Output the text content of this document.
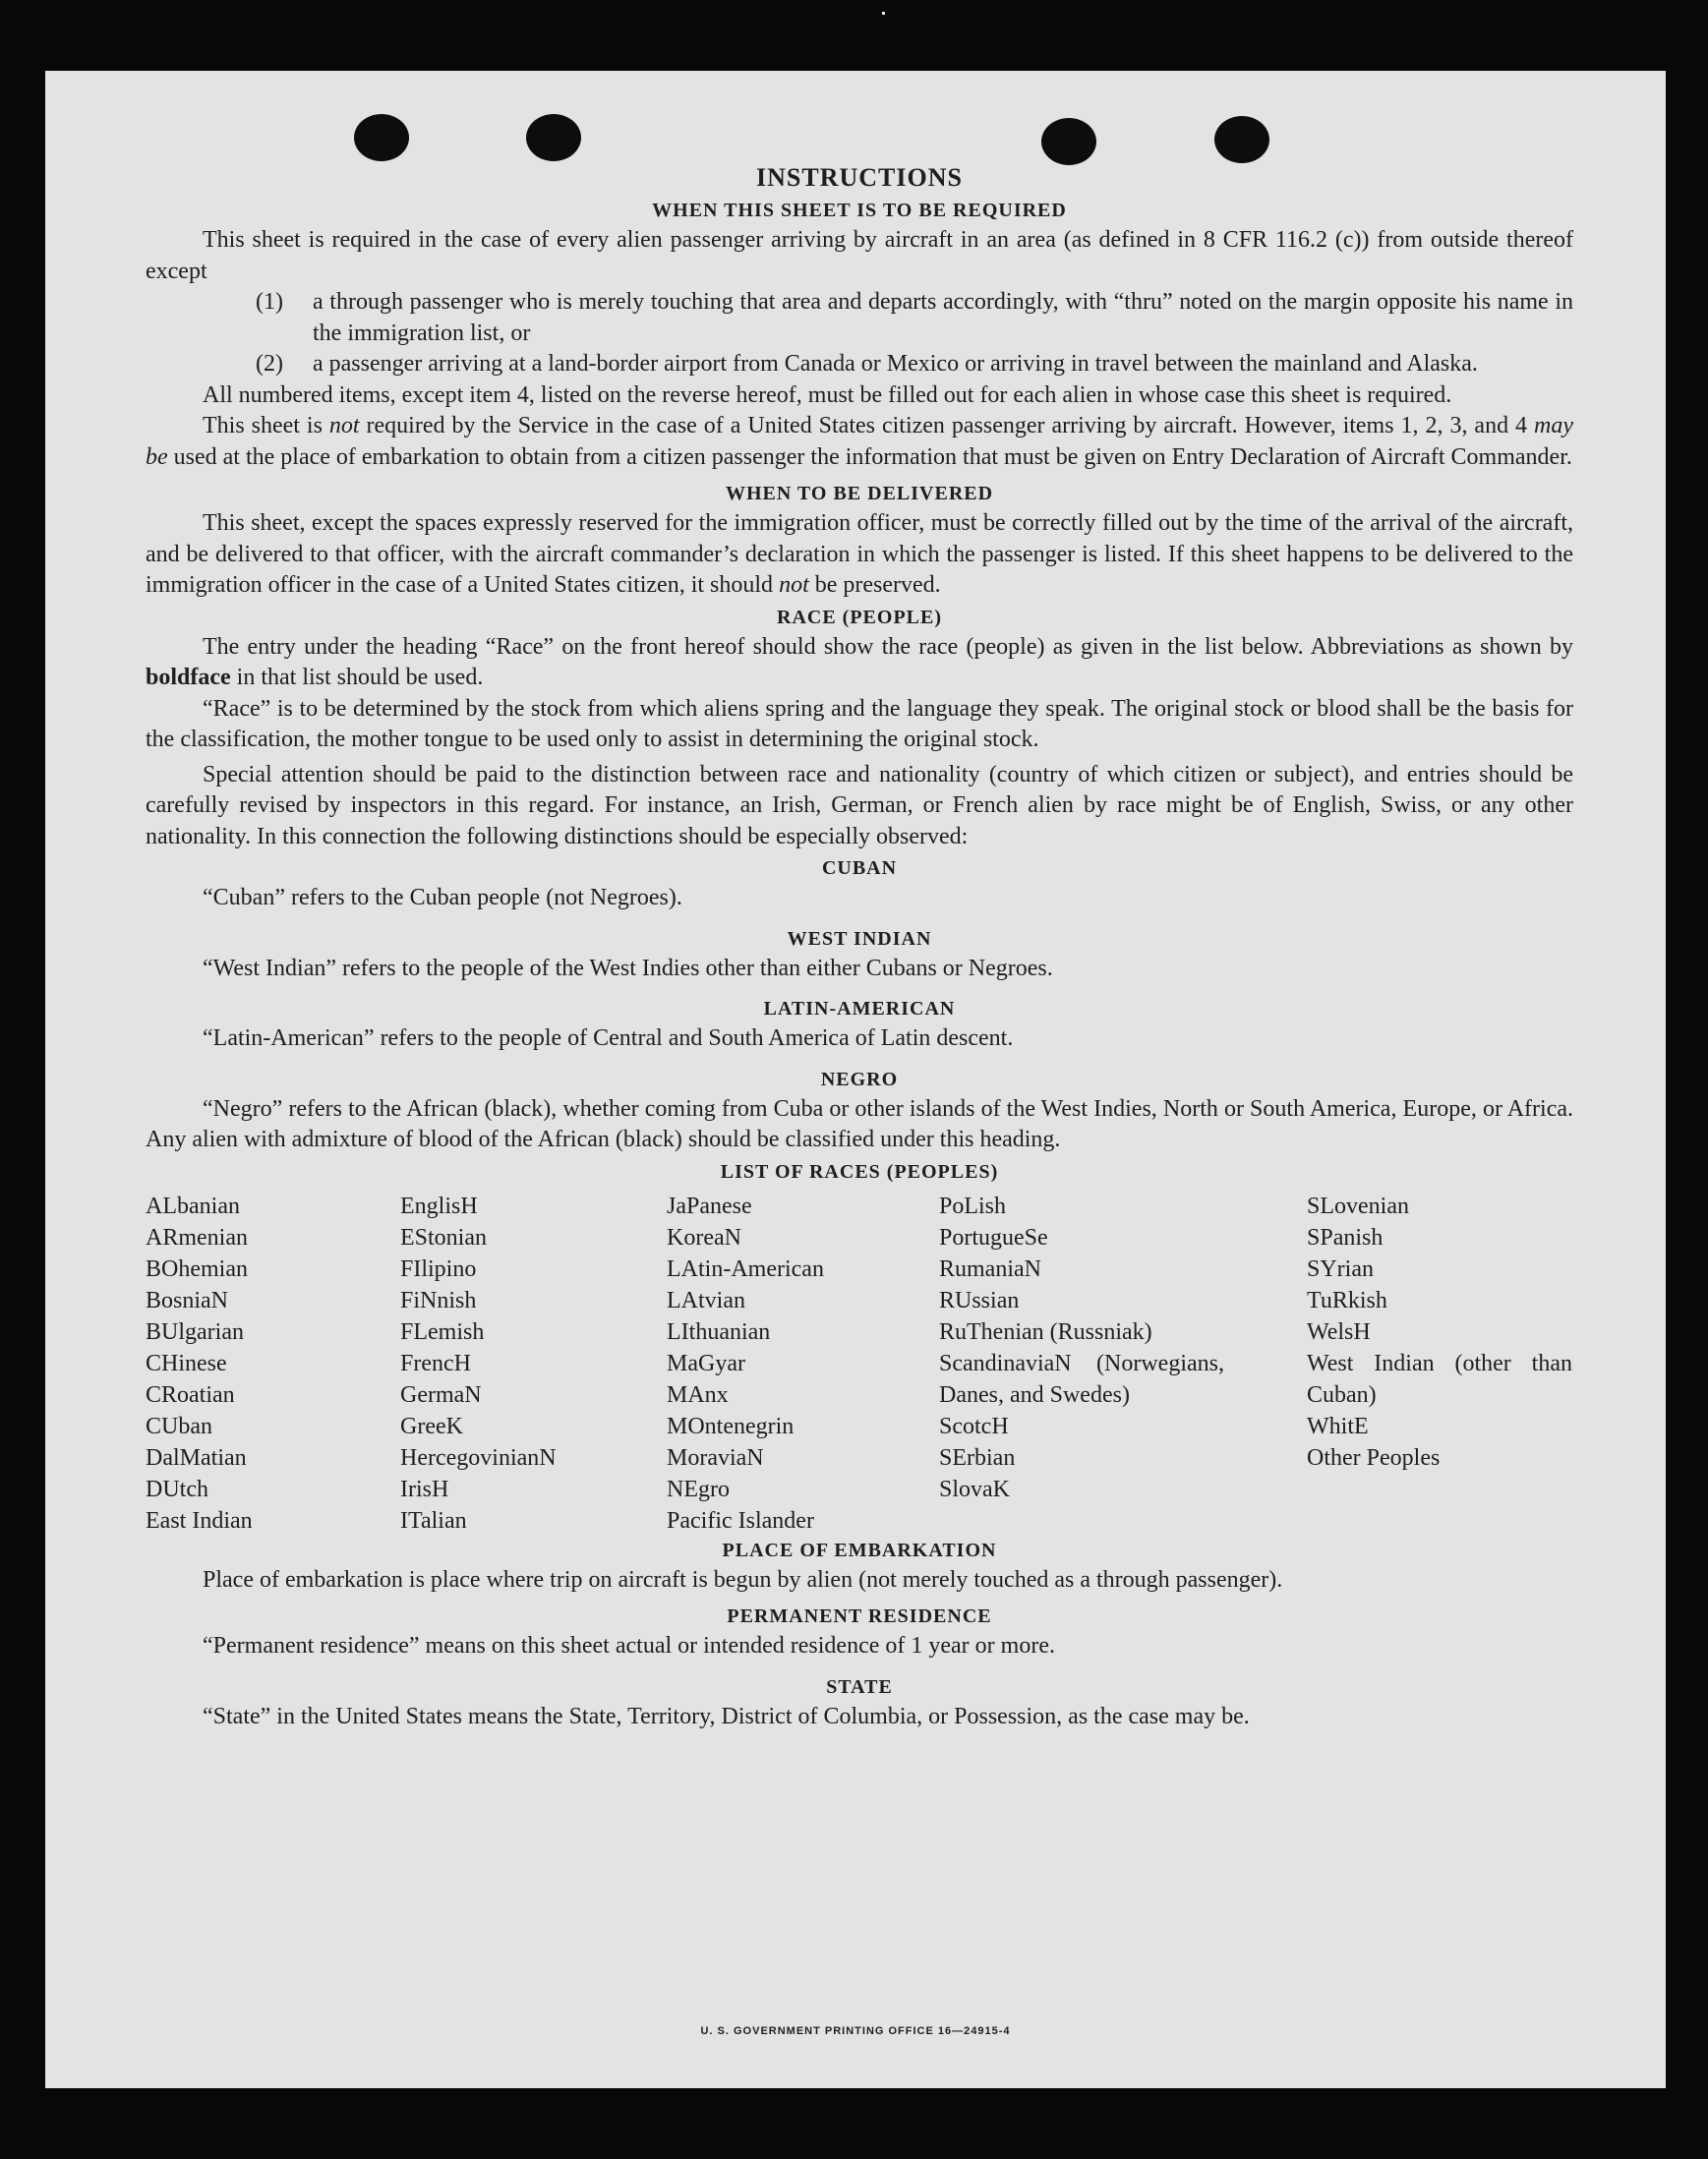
INSTRUCTIONS
WHEN THIS SHEET IS TO BE REQUIRED

This sheet is required in the case of every alien passenger arriving by aircraft in an area (as defined in 8 CFR 116.2 (c)) from outside thereof except

(1)	a through passenger who is merely touching that area and departs accordingly, with “thru” noted on the margin opposite his name in the immigration list, or
(2)	a passenger arriving at a land-border airport from Canada or Mexico or arriving in travel between the mainland and Alaska.

All numbered items, except item 4, listed on the reverse hereof, must be filled out for each alien in whose case this sheet is required.

This sheet is not required by the Service in the case of a United States citizen passenger arriving by aircraft. However, items 1, 2, 3, and 4 may be used at the place of embarkation to obtain from a citizen passenger the information that must be given on Entry Declaration of Aircraft Commander.

WHEN TO BE DELIVERED

This sheet, except the spaces expressly reserved for the immigration officer, must be correctly filled out by the time of the arrival of the aircraft, and be delivered to that officer, with the aircraft commander’s declaration in which the passenger is listed. If this sheet happens to be delivered to the immigration officer in the case of a United States citizen, it should not be preserved.

RACE (PEOPLE)

The entry under the heading “Race” on the front hereof should show the race (people) as given in the list below. Abbreviations as shown by boldface in that list should be used.

“Race” is to be determined by the stock from which aliens spring and the language they speak. The original stock or blood shall be the basis for the classification, the mother tongue to be used only to assist in determining the original stock.

Special attention should be paid to the distinction between race and nationality (country of which citizen or subject), and entries should be carefully revised by inspectors in this regard. For instance, an Irish, German, or French alien by race might be of English, Swiss, or any other nationality. In this connection the following distinctions should be especially observed:

CUBAN

“Cuban” refers to the Cuban people (not Negroes).

WEST INDIAN

“West Indian” refers to the people of the West Indies other than either Cubans or Negroes.

LATIN-AMERICAN

“Latin-American” refers to the people of Central and South America of Latin descent.

NEGRO

“Negro” refers to the African (black), whether coming from Cuba or other islands of the West Indies, North or South America, Europe, or Africa. Any alien with admixture of blood of the African (black) should be classified under this heading.

LIST OF RACES (PEOPLES)
ALbanian
ARmenian
BOhemian
BosniaN
BUlgarian
CHinese
CRoatian
CUban
DalMatian
DUtch
East Indian
EnglisH
EStonian
FIlipino
FiNnish
FLemish
FrencH
GermaN
GreeK
HercegovinianN
IrisH
ITalian
JaPanese
KoreaN
LAtin-American
LAtvian
LIthuanian
MaGyar
MAnx
MOntenegrin
MoraviaN
NEgro
Pacific Islander
PoLish
PortugueSe
RumaniaN
RUssian
RuThenian (Russniak)
ScandinaviaN (Norwegians, Danes, and Swedes)
ScotcH
SErbian
SlovaK
SLovenian
SPanish
SYrian
TuRkish
WelsH
West Indian (other than Cuban)
WhitE
Other Peoples
PLACE OF EMBARKATION

Place of embarkation is place where trip on aircraft is begun by alien (not merely touched as a through passenger).

PERMANENT RESIDENCE

“Permanent residence” means on this sheet actual or intended residence of 1 year or more.

STATE

“State” in the United States means the State, Territory, District of Columbia, or Possession, as the case may be.

U. S. GOVERNMENT PRINTING OFFICE 16—24915-4
